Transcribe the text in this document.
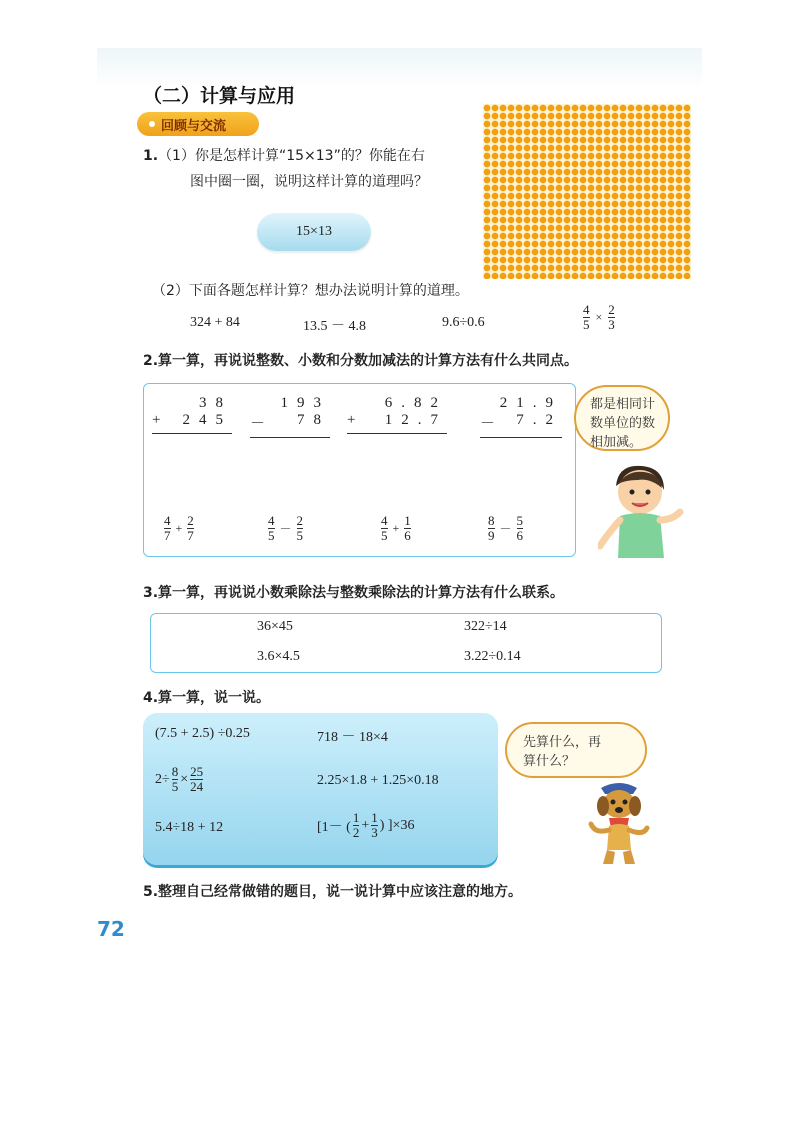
（二）计算与应用
回顾与交流
1.（1）你是怎样计算“15×13”的？你能在右
图中圈一圈，说明这样计算的道理吗？
15×13
（2）下面各题怎样计算？想办法说明计算的道理。
324 + 84	13.5 － 4.8	9.6÷0.6	$\frac{4}{5} \times \frac{2}{3}$
2.算一算，再说说整数、小数和分数加减法的计算方法有什么共同点。
38
+ 245
193
－ 78
6.82
+ 12.7
21.9
－ 7.2
$\frac{4}{7} + \frac{2}{7}$	$\frac{4}{5} - \frac{2}{5}$	$\frac{4}{5} + \frac{1}{6}$	$\frac{8}{9} - \frac{5}{6}$
都是相同计
数单位的数
相加减。
3.算一算，再说说小数乘除法与整数乘除法的计算方法有什么联系。
36×45	322÷14
3.6×4.5	3.22÷0.14
4.算一算，说一说。
(7.5 + 2.5) ÷0.25	718 － 18×4
$2\div \frac{8}{5} \times \frac{25}{24}$	2.25×1.8 + 1.25×0.18
5.4÷18 + 12	[1－ ( $\frac{1}{2} + \frac{1}{3}$ ) ]×36
先算什么，再
算什么？
5.整理自己经常做错的题目，说一说计算中应该注意的地方。
72
